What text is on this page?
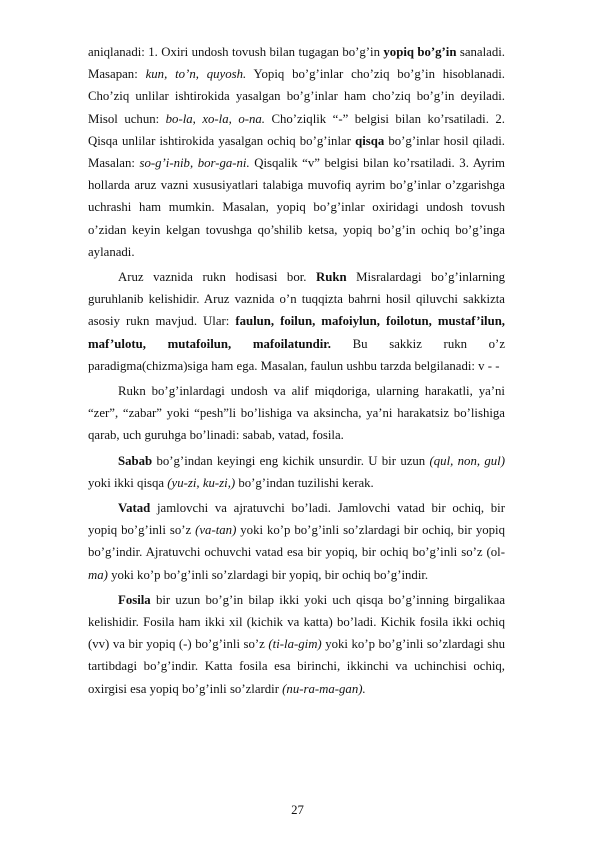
aniqlanadi: 1. Oxiri undosh tovush bilan tugagan bo’g’in yopiq bo’g’in sanaladi. Masapan: kun, to’n, quyosh. Yopiq bo’g’inlar cho’ziq bo’g’in hisoblanadi. Cho’ziq unlilar ishtirokida yasalgan bo’g’inlar ham cho’ziq bo’g’in deyiladi. Misol uchun: bo-la, xo-la, o-na. Cho’ziqlik “-” belgisi bilan ko’rsatiladi. 2. Qisqa unlilar ishtirokida yasalgan ochiq bo’g’inlar qisqa bo’g’inlar hosil qiladi. Masalan: so-g’i-nib, bor-ga-ni. Qisqalik “v” belgisi bilan ko’rsatiladi. 3. Ayrim hollarda aruz vazni xususiyatlari talabiga muvofiq ayrim bo’g’inlar o’zgarishga uchrashi ham mumkin. Masalan, yopiq bo’g’inlar oxiridagi undosh tovush o’zidan keyin kelgan tovushga qo’shilib ketsa, yopiq bo’g’in ochiq bo’g’inga aylanadi.

Aruz vaznida rukn hodisasi bor. Rukn Misralardagi bo’g’inlarning guruhlanib kelishidir. Aruz vaznida o’n tuqqizta bahrni hosil qiluvchi sakkizta asosiy rukn mavjud. Ular: faulun, foilun, mafoiylun, foilotun, mustaf’ilun, maf’ulotu, mutafoilun, mafoilatundir. Bu sakkiz rukn o’z paradigma(chizma)siga ham ega. Masalan, faulun ushbu tarzda belgilanadi: v - -

Rukn bo’g’inlardagi undosh va alif miqdoriga, ularning harakatli, ya’ni “zer”, “zabar” yoki “pesh”li bo’lishiga va aksincha, ya’ni harakatsiz bo’lishiga qarab, uch guruhga bo’linadi: sabab, vatad, fosila.

Sabab bo’g’indan keyingi eng kichik unsurdir. U bir uzun (qul, non, gul) yoki ikki qisqa (yu-zi, ku-zi,) bo’g’indan tuzilishi kerak.

Vatad jamlovchi va ajratuvchi bo’ladi. Jamlovchi vatad bir ochiq, bir yopiq bo’g’inli so’z (va-tan) yoki ko’p bo’g’inli so’zlardagi bir ochiq, bir yopiq bo’g’indir. Ajratuvchi ochuvchi vatad esa bir yopiq, bir ochiq bo’g’inli so’z (ol-ma) yoki ko’p bo’g’inli so’zlardagi bir yopiq, bir ochiq bo’g’indir.

Fosila bir uzun bo’g’in bilap ikki yoki uch qisqa bo’g’inning birgalikaa kelishidir. Fosila ham ikki xil (kichik va katta) bo’ladi. Kichik fosila ikki ochiq (vv) va bir yopiq (-) bo’g’inli so’z (ti-la-gim) yoki ko’p bo’g’inli so’zlardagi shu tartibdagi bo’g’indir. Katta fosila esa birinchi, ikkinchi va uchinchisi ochiq, oxirgisi esa yopiq bo’g’inli so’zlardir (nu-ra-ma-gan).

27
